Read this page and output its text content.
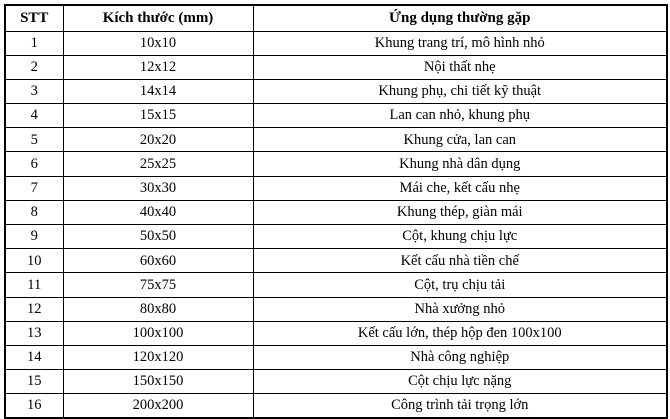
STT	Kích thước (mm)	Ứng dụng thường gặp
1	10x10	Khung trang trí, mô hình nhỏ
2	12x12	Nội thất nhẹ
3	14x14	Khung phụ, chi tiết kỹ thuật
4	15x15	Lan can nhỏ, khung phụ
5	20x20	Khung cửa, lan can
6	25x25	Khung nhà dân dụng
7	30x30	Mái che, kết cấu nhẹ
8	40x40	Khung thép, giàn mái
9	50x50	Cột, khung chịu lực
10	60x60	Kết cấu nhà tiền chế
11	75x75	Cột, trụ chịu tải
12	80x80	Nhà xưởng nhỏ
13	100x100	Kết cấu lớn, thép hộp đen 100x100
14	120x120	Nhà công nghiệp
15	150x150	Cột chịu lực nặng
16	200x200	Công trình tải trọng lớn
